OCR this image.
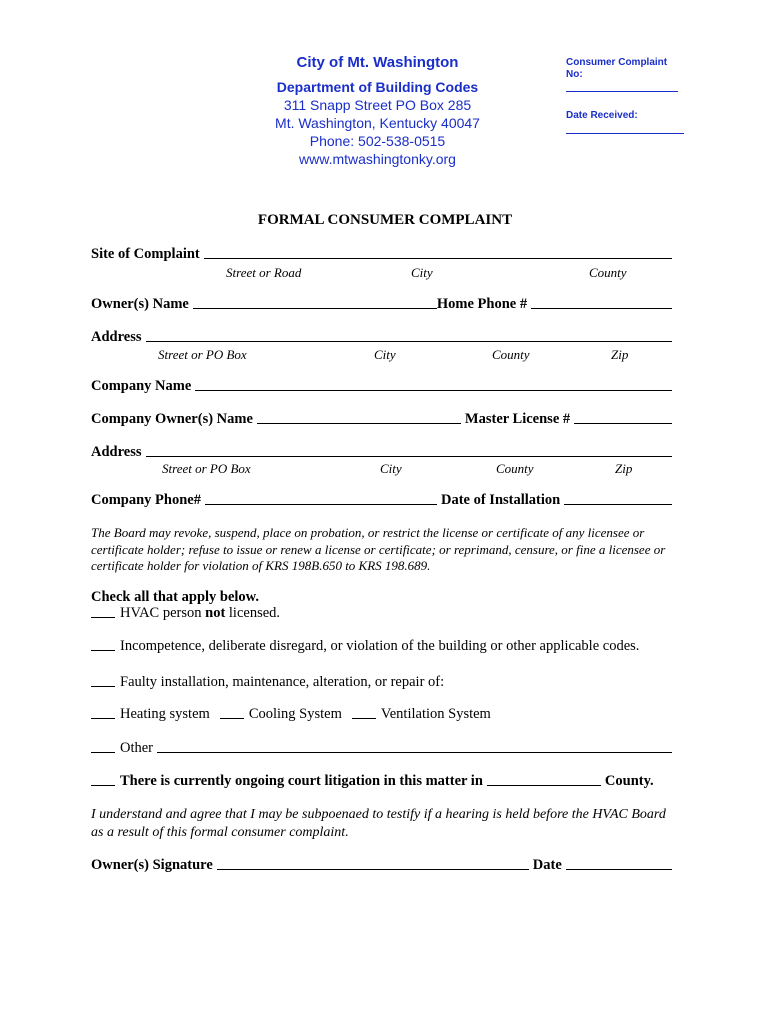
City of Mt. Washington
Department of Building Codes
311 Snapp Street PO Box 285
Mt. Washington, Kentucky 40047
Phone: 502-538-0515
www.mtwashingtonky.org
Consumer Complaint No:
Date Received:
FORMAL CONSUMER COMPLAINT
Site of Complaint
Street or Road	City	County
Owner(s) Name	Home Phone #
Address
Street or PO Box	City	County	Zip
Company Name
Company Owner(s) Name	Master License #
Address
Street or PO Box	City	County	Zip
Company Phone#	Date of Installation
The Board may revoke, suspend, place on probation, or restrict the license or certificate of any licensee or certificate holder; refuse to issue or renew a license or certificate; or reprimand, censure, or fine a licensee or certificate holder for violation of KRS 198B.650 to KRS 198.689.
Check all that apply below.
HVAC person not licensed.
Incompetence, deliberate disregard, or violation of the building or other applicable codes.
Faulty installation, maintenance, alteration, or repair of:
Heating system	Cooling System	Ventilation System
Other
There is currently ongoing court litigation in this matter in	County.
I understand and agree that I may be subpoenaed to testify if a hearing is held before the HVAC Board as a result of this formal consumer complaint.
Owner(s) Signature	Date
